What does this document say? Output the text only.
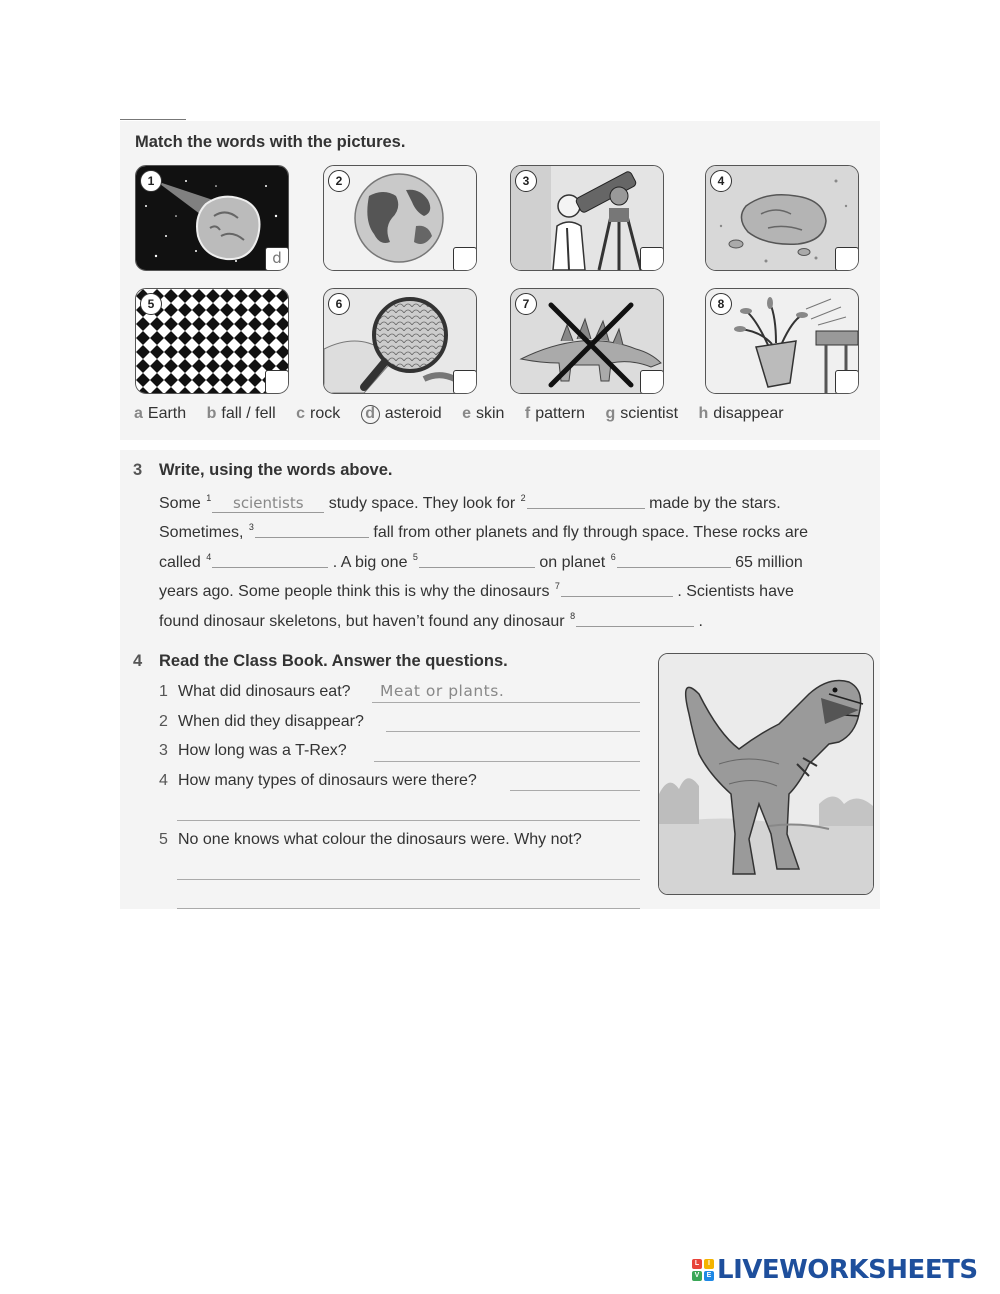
Match the words with the pictures.
1
d
2	3	4
5	6	7	8
a Earth b fall / fell c rock d asteroid e skin f pattern g scientist h disappear
3 Write, using the words above.
Some $^1$ scientists study space. They look for $^2$	made by the stars.
Sometimes, $^3$	fall from other planets and fly through space. These rocks are
called $^4$	. A big one $^5$	on planet $^6$	65 million
years ago. Some people think this is why the dinosaurs $^7$	. Scientists have
found dinosaur skeletons, but haven’t found any dinosaur $^8$	.
4 Read the Class Book. Answer the questions.
1 What did dinosaurs eat? Meat or plants.
2 When did they disappear?
3 How long was a T-Rex?
4 How many types of dinosaurs were there?
5 No one knows what colour the dinosaurs were. Why not?
L	I
V	E LIVEWORKSHEETS
